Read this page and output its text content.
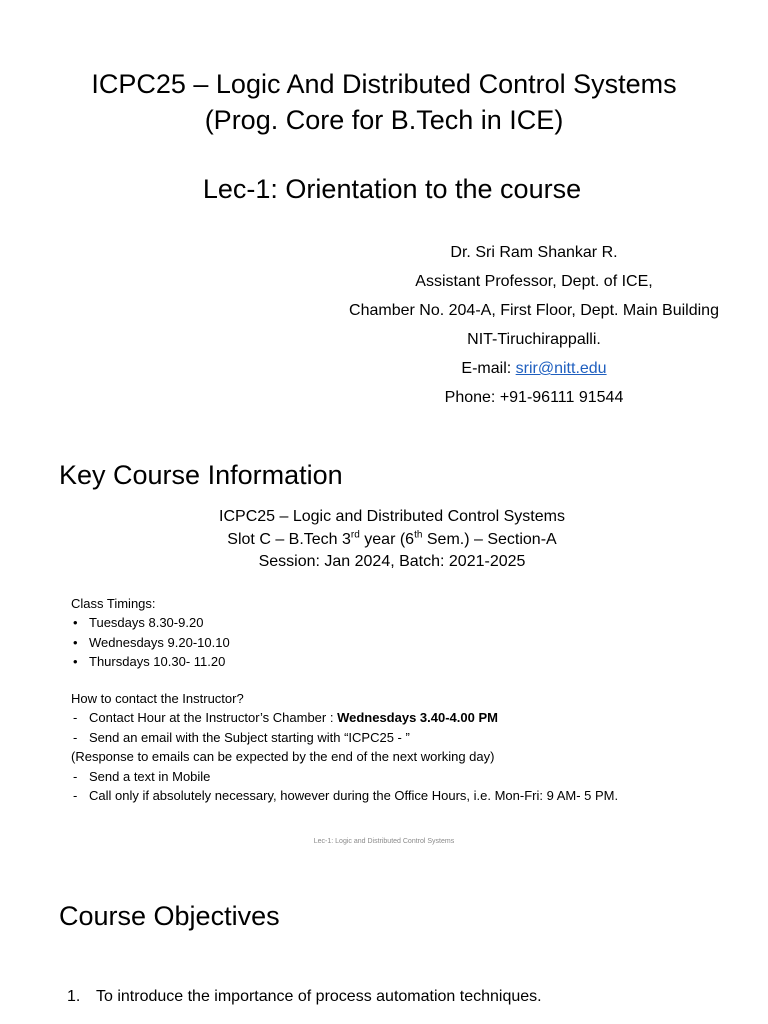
ICPC25 – Logic And Distributed Control Systems
(Prog. Core for B.Tech in ICE)
Lec-1: Orientation to the course
Dr. Sri Ram Shankar R.
Assistant Professor, Dept. of ICE,
Chamber No. 204-A, First Floor, Dept. Main Building
NIT-Tiruchirappalli.
E-mail: srir@nitt.edu
Phone: +91-96111 91544
Key Course Information
ICPC25 – Logic and Distributed Control Systems
Slot C – B.Tech 3rd year (6th Sem.) – Section-A
Session: Jan 2024, Batch: 2021-2025
Class Timings:
• Tuesdays 8.30-9.20
• Wednesdays 9.20-10.10
• Thursdays 10.30- 11.20
How to contact the Instructor?
- Contact Hour at the Instructor’s Chamber : Wednesdays 3.40-4.00 PM
- Send an email with the Subject starting with “ICPC25 - ”
(Response to emails can be expected by the end of the next working day)
- Send a text in Mobile
- Call only if absolutely necessary, however during the Office Hours, i.e. Mon-Fri: 9 AM- 5 PM.
Lec-1: Logic and Distributed Control Systems
Course Objectives
1. To introduce the importance of process automation techniques.
